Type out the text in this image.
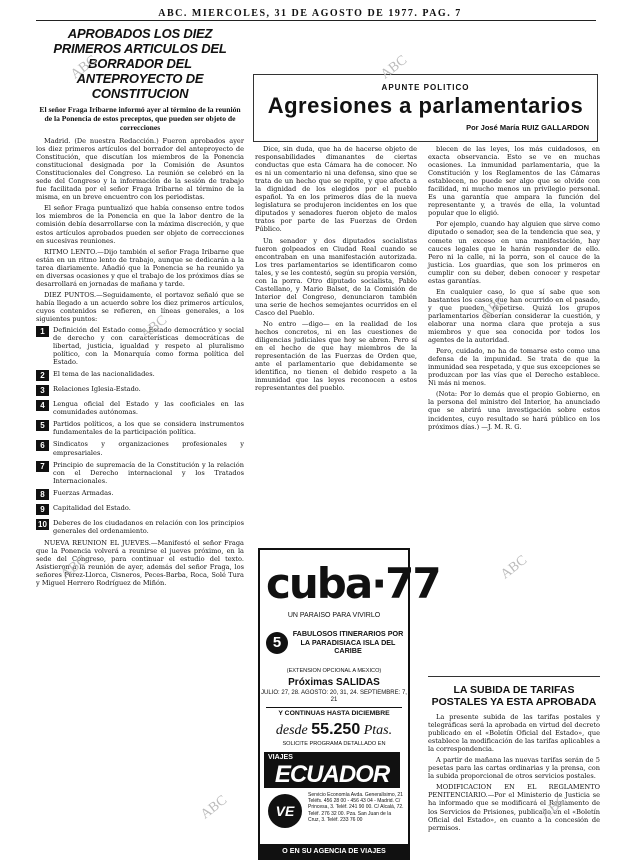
ABC. MIERCOLES, 31 DE AGOSTO DE 1977. PAG. 7
APROBADOS LOS DIEZ PRIMEROS ARTICULOS DEL BORRADOR DEL ANTEPROYECTO DE CONSTITUCION
El señor Fraga Iribarne informó ayer al término de la reunión de la Ponencia de estos preceptos, que pueden ser objeto de correcciones

Madrid. (De nuestra Redacción.) Fueron aprobados ayer los diez primeros artículos del borrador del anteproyecto de Constitución, que discutían los miembros de la Ponencia constitucional designada por la Comisión de Asuntos Constitucionales del Congreso. La reunión se celebró en la sede del Congreso y la información de la sesión de trabajo fue facilitada por el señor Fraga Iribarne al término de la misma, en un breve encuentro con los periodistas.

El señor Fraga puntualizó que había consenso entre todos los miembros de la Ponencia en que la labor dentro de la comisión debía desarrollarse con la máxima discreción, y que estos artículos aprobados pueden ser objeto de correcciones en sucesivas reuniones.

RITMO LENTO.—Dijo también el señor Fraga Iribarne que están en un ritmo lento de trabajo, aunque se dedicarán a la tarea diariamente. Añadió que la Ponencia se ha reunido ya en diversas ocasiones y que el trabajo de los próximos días se desarrollará en jornadas de mañana y tarde.

DIEZ PUNTOS.—Seguidamente, el portavoz señaló que se había llegado a un acuerdo sobre los diez primeros artículos, cuyos contenidos se refieren, en líneas generales, a los siguientes puntos:

1	Definición del Estado como Estado democrático y social de derecho y con características democráticas de libertad, justicia, igualdad y respeto al pluralismo político, con la Monarquía como forma política del Estado.

2	El tema de las nacionalidades.

3	Relaciones Iglesia-Estado.

4	Lengua oficial del Estado y las cooficiales en las comunidades autónomas.

5	Partidos políticos, a los que se considera instrumentos fundamentales de la participación política.

6	Sindicatos y organizaciones profesionales y empresariales.

7	Principio de supremacía de la Constitución y la relación con el Derecho internacional y los Tratados Internacionales.

8	Fuerzas Armadas.

9	Capitalidad del Estado.

10 Deberes de los ciudadanos en relación con los principios generales del ordenamiento.

NUEVA REUNION EL JUEVES.—Manifestó el señor Fraga que la Ponencia volverá a reunirse el jueves próximo, en la sede del Congreso, para continuar el estudio del texto. Asistieron a la reunión de ayer, además del señor Fraga, los señores Pérez-Llorca, Cisneros, Peces-Barba, Roca, Solé Tura y Miguel Herrero Rodríguez de Miñón.

APUNTE POLITICO
Agresiones a parlamentarios
Por José María RUIZ GALLARDON

Dice, sin duda, que ha de hacerse objeto de responsabilidades dimanantes de ciertas conductas que esta Cámara ha de conocer. No es ni un comentario ni una defensa, sino que se trata de un hecho que se repite, y que afecta a la dignidad de los elegidos por el pueblo español. Ya en los primeros días de la nueva legislatura se produjeron incidentes en los que diputados y senadores fueron objeto de malos tratos por parte de las Fuerzas de Orden Público.

Un senador y dos diputados socialistas fueron golpeados en Ciudad Real cuando se encontraban en una manifestación autorizada. Los tres parlamentarios se identificaron como tales, y se les contestó, según su propia versión, con la porra. Otro diputado socialista, Pablo Castellano, y Mario Balset, de la Comisión de Interior del Congreso, denunciaron también una serie de hechos semejantes ocurridos en el Casco del Pueblo.

No entro —digo— en la realidad de los hechos concretos, ni en las cuestiones de diligencias judiciales que hoy se abren. Pero sí en el hecho de que hay miembros de la representación de las Fuerzas de Orden que, ante el parlamentario que debidamente se identifica, no tienen el debido respeto a la inmunidad que las leyes reconocen a estos representantes del pueblo.

blecen de las leyes, los más cuidadosos, en exacta observancia. Esto se ve en muchas ocasiones. La inmunidad parlamentaria, que la Constitución y los Reglamentos de las Cámaras establecen, no puede ser algo que se olvide con facilidad, ni mucho menos un privilegio personal. Es una garantía que ampara la función del representante y, a través de ella, la voluntad popular que lo eligió.

Por ejemplo, cuando hay alguien que sirve como diputado o senador, sea de la tendencia que sea, y comete un exceso en una manifestación, hay cauces legales que le harán responder de ello. Pero ni la calle, ni la porra, son el cauce de la justicia. Los guardias, que son los primeros en cumplir con su deber, deben conocer y respetar estas garantías.

En cualquier caso, lo que sí sabe que son bastantes los casos que han ocurrido en el pasado, y que pueden repetirse. Quizá los grupos parlamentarios deberían considerar la cuestión, y elaborar una norma clara que proteja a sus miembros y que sea conocida por todos los agentes de la autoridad.

Pero, cuidado, no ha de tomarse esto como una defensa de la impunidad. Se trata de que la inmunidad sea respetada, y que sus excepciones se produzcan por las vías que el Derecho establece. Ni más ni menos.

(Nota: Por lo demás que el propio Gobierno, en la persona del ministro del Interior, ha anunciado que se abrirá una investigación sobre estos incidentes, cuyo resultado se hará público en los próximos días.) —J. M. R. G.

cuba·77
UN PARAISO PARA VIVIRLO
5
FABULOSOS ITINERARIOS POR LA PARADISIACA ISLA DEL CARIBE
(EXTENSION OPCIONAL A MEXICO)
Próximas SALIDAS
JULIO: 27, 28. AGOSTO: 20, 31, 24. SEPTIEMBRE: 7, 21
Y CONTINUAS HASTA DICIEMBRE
desde 55.250 Ptas.
SOLICITE PROGRAMA DETALLADO EN
VIAJES
ECUADOR
VE
Servicio Economía Avda. Generalísimo, 21 Teléfs. 456 28 00 - 456 43 04 - Madrid. C/ Princesa, 3. Teléf. 241 90 00. C/ Alcalá, 72. Teléf. 276 32 00. Pza. San Juan de la Cruz, 3. Teléf. 233 76 00
O EN SU AGENCIA DE VIAJES
LA SUBIDA DE TARIFAS POSTALES YA ESTA APROBADA

La presente subida de las tarifas postales y telegráficas será la aprobada en virtud del decreto publicado en el «Boletín Oficial del Estado», que establece la modificación de las tarifas aplicables a la correspondencia.

A partir de mañana las nuevas tarifas serán de 5 pesetas para las cartas ordinarias y la prensa, con la subida proporcional de otros servicios postales.

MODIFICACION EN EL REGLAMENTO PENITENCIARIO.—Por el Ministerio de Justicia se ha informado que se modificará el Reglamento de los Servicios de Prisiones, publicado en el «Boletín Oficial del Estado», en cuanto a la concesión de permisos.

ABC	ABC
ABC
ABC
ABC
ABC
ABC
ABC
